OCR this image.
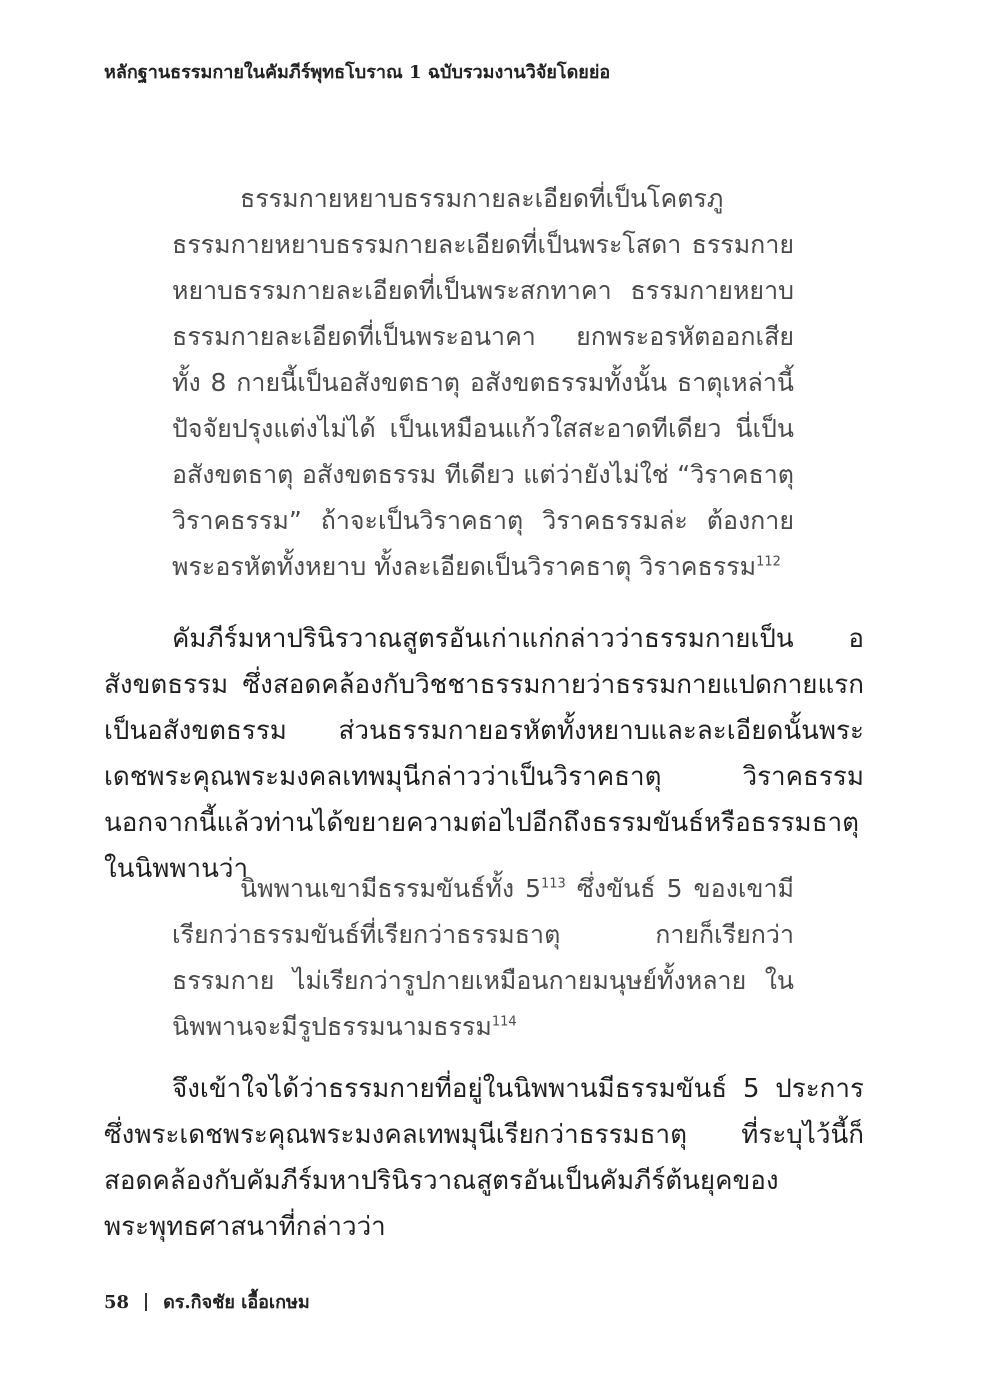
หลักฐานธรรมกายในคัมภีร์พุทธโบราณ 1 ฉบับรวมงานวิจัยโดยย่อ
ธรรมกายหยาบธรรมกายละเอียดที่เป็นโคตรภู ธรรมกายหยาบธรรมกายละเอียดที่เป็นพระโสดา ธรรมกายหยาบธรรมกายละเอียดที่เป็นพระสกทาคา ธรรมกายหยาบธรรมกายละเอียดที่เป็นพระอนาคา ยกพระอรหัตออกเสีย ทั้ง 8 กายนี้เป็นอสังขตธาตุ อสังขตธรรมทั้งนั้น ธาตุเหล่านี้ปัจจัยปรุงแต่งไม่ได้ เป็นเหมือนแก้วใสสะอาดทีเดียว นี่เป็นอสังขตธาตุ อสังขตธรรม ทีเดียว แต่ว่ายังไม่ใช่ “วิราคธาตุ วิราคธรรม” ถ้าจะเป็นวิราคธาตุ วิราคธรรมล่ะ ต้องกายพระอรหัตทั้งหยาบ ทั้งละเอียดเป็นวิราคธาตุ วิราคธรรม$^{112}$
คัมภีร์มหาปรินิรวาณสูตรอันเก่าแก่กล่าวว่าธรรมกายเป็น อสังขตธรรม ซึ่งสอดคล้องกับวิชชาธรรมกายว่าธรรมกายแปดกายแรกเป็นอสังขตธรรม ส่วนธรรมกายอรหัตทั้งหยาบและละเอียดนั้นพระเดชพระคุณพระมงคลเทพมุนีกล่าวว่าเป็นวิราคธาตุ วิราคธรรม นอกจากนี้แล้วท่านได้ขยายความต่อไปอีกถึงธรรมขันธ์หรือธรรมธาตุในนิพพานว่า
นิพพานเขามีธรรมขันธ์ทั้ง $5^{113}$ ซึ่งขันธ์ 5 ของเขามี เรียกว่าธรรมขันธ์ที่เรียกว่าธรรมธาตุ กายก็เรียกว่าธรรมกาย ไม่เรียกว่ารูปกายเหมือนกายมนุษย์ทั้งหลาย ในนิพพานจะมีรูปธรรมนามธรรม$^{114}$
จึงเข้าใจได้ว่าธรรมกายที่อยู่ในนิพพานมีธรรมขันธ์ 5 ประการซึ่งพระเดชพระคุณพระมงคลเทพมุนีเรียกว่าธรรมธาตุ ที่ระบุไว้นี้ก็สอดคล้องกับคัมภีร์มหาปรินิรวาณสูตรอันเป็นคัมภีร์ต้นยุคของพระพุทธศาสนาที่กล่าวว่า
58 ดร.กิจชัย เอื้อเกษม
